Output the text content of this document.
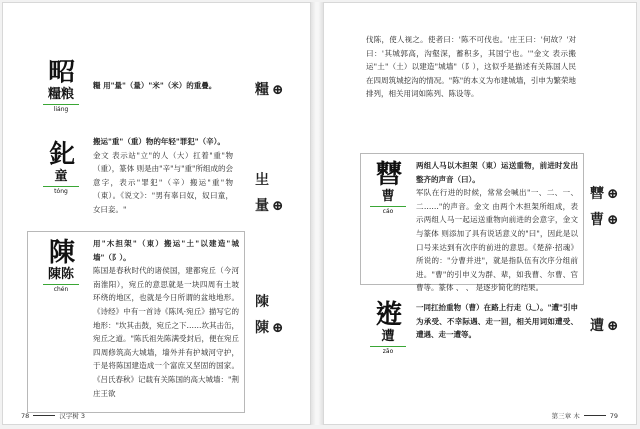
𤱠
糧粮
liáng

糧 用"量"（量）"米"（米）的重疊。

𨤽
童
tóng

搬运"重"（重）物的年轻"罪犯"（辛）。

金文 表示站"立"的人（大）扛着"重"物（重），篆体 则是由"辛"与"重"所组成的会意字，表示"罪犯"（辛）搬运"重"物（東）。《说文》："男有辜曰奴，奴曰童，女曰妾。"

陳
陳陈
chén

用"木担架"（東）搬运"土"以建造"城墙"（阝）。

陈国是春秋时代的诸侯国，建都宛丘（今河南淮阳），宛丘的意思就是一块四周有土坡环绕的地区，也就是今日所谓的盆地地形。《诗经》中有一首诗《陈风·宛丘》描写它的地形："坎其击鼓，宛丘之下……坎其击缶，宛丘之道。"陈氏祖先陈满受封后，便在宛丘四周修筑高大城墙，墙外并有护城河守护，于是将陈国建造成一个富庶又坚固的国家。《吕氏春秋》记载有关陈国的高大城墙："荆庄王欲

糧 ⊕
𤯓
量 ⊕
𨻰
陳 ⊕
78	汉字树 3

伐陈，使人视之。使者曰：'陈不可伐也。'庄王曰：'何故？'对曰：'其城郭高，沟壑深，蓄积多，其国宁也。'"金文 表示搬运"土"（土）以建造"城墙"（阝），这似乎是描述有关陈国人民在四周筑城挖沟的情况。"陈"的本义为布建城墙，引申为繁荣地排列，相关用词如陈列、陈设等。

𣍘
曹
cáo

两组人马以木担架（東）运送重物，前进时发出整齐的声音（曰）。

军队在行进的时候，常常会喊出"一、二、一、二……"的声音。金文 由两个木担架所组成，表示两组人马一起运送重物向前进的会意字，金文 与篆体 则添加了具有说话意义的"曰"，因此是以口号来达到有次序的前进的意思。《楚辞·招魂》所说的："分曹并进"，就是指队伍有次序分组前进。"曹"的引申义为群、辈，如我曹、尔曹、官曹等。篆体 、 、 是逐步简化的结果。

𨔼
遭
zāo

一同扛抬重物（曹）在路上行走（辶）。"遭"引申为承受、不幸际遇、走一回，相关用词如遭受、遭遇、走一遭等。

𣍘 ⊕
曹 ⊕
遭 ⊕
第三章 木	79
